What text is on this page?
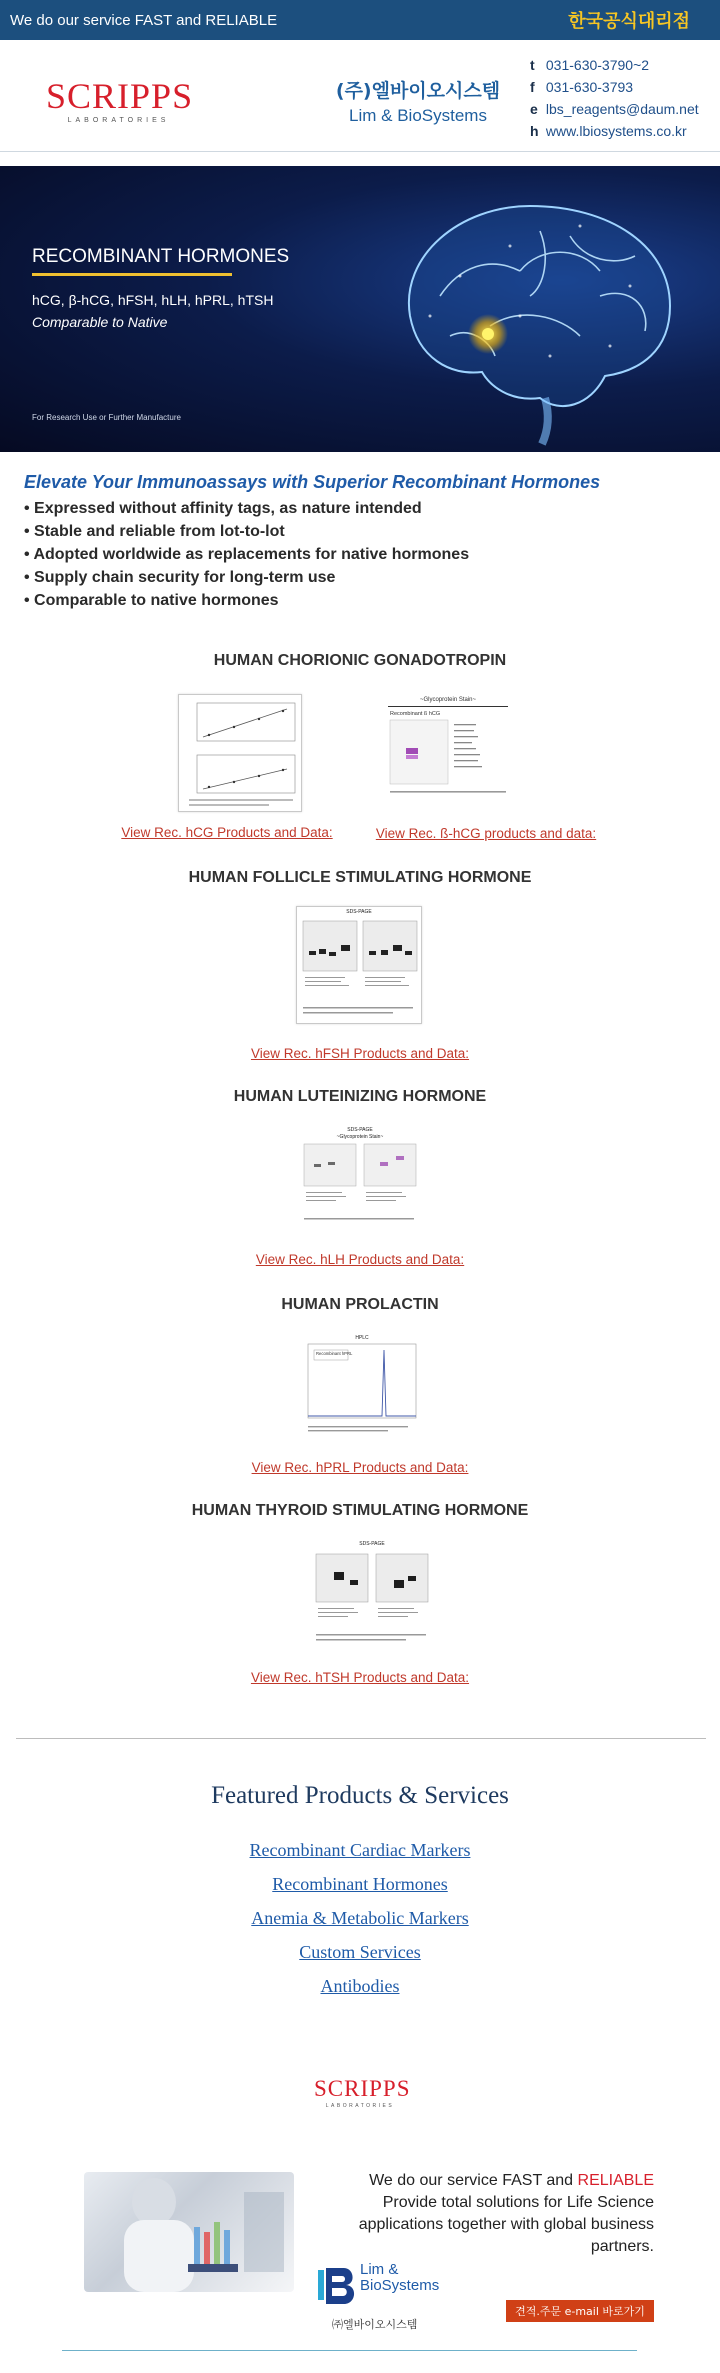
We do our service FAST and RELIABLE	한국공식대리점
SCRIPPS
LABORATORIES
(주)엘바이오시스템
Lim & BioSystems
t 031-630-3790~2
f 031-630-3793
e lbs_reagents@daum.net
h www.lbiosystems.co.kr
RECOMBINANT HORMONES
hCG, β-hCG, hFSH, hLH, hPRL, hTSH
Comparable to Native
For Research Use or Further Manufacture
Elevate Your Immunoassays with Superior Recombinant Hormones
• Expressed without affinity tags, as nature intended
• Stable and reliable from lot-to-lot
• Adopted worldwide as replacements for native hormones
• Supply chain security for long-term use
• Comparable to native hormones
HUMAN CHORIONIC GONADOTROPIN
~Glycoprotein Stain~
Recombinant ß hCG
View Rec. hCG Products and Data:	View Rec. ß-hCG products and data:
HUMAN FOLLICLE STIMULATING HORMONE
SDS-PAGE
View Rec. hFSH Products and Data:
HUMAN LUTEINIZING HORMONE
SDS-PAGE
~Glycoprotein Stain~
View Rec. hLH Products and Data:
HUMAN PROLACTIN
HPLC
Recombinant hPRL
View Rec. hPRL Products and Data:
HUMAN THYROID STIMULATING HORMONE
SDS-PAGE
View Rec. hTSH Products and Data:
Featured Products & Services
Recombinant Cardiac Markers
Recombinant Hormones
Anemia & Metabolic Markers
Custom Services
Antibodies
SCRIPPS
LABORATORIES
We do our service FAST and RELIABLE
Provide total solutions for Life Science applications together with global business partners.
Lim &
BioSystems
㈜엘바이오시스템
견적.주문 e-mail 바로가기
